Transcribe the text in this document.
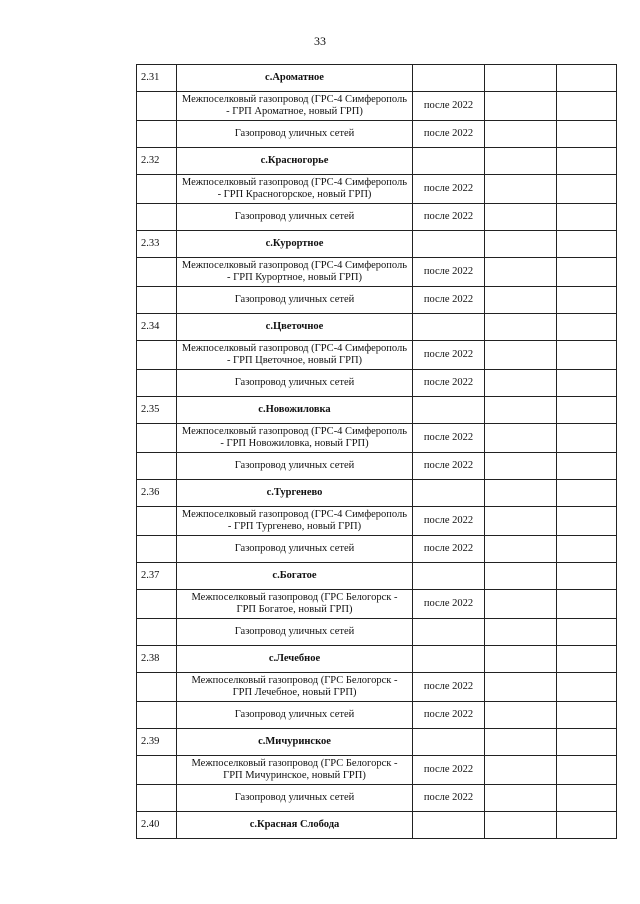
33
2.31	с.Ароматное			
	Межпоселковый газопровод (ГРС-4 Симферополь - ГРП Ароматное, новый ГРП)	после 2022		
	Газопровод уличных сетей	после 2022		
2.32	с.Красногорье			
	Межпоселковый газопровод (ГРС-4 Симферополь - ГРП Красногорское, новый ГРП)	после 2022		
	Газопровод уличных сетей	после 2022		
2.33	с.Курортное			
	Межпоселковый газопровод (ГРС-4 Симферополь - ГРП Курортное, новый ГРП)	после 2022		
	Газопровод уличных сетей	после 2022		
2.34	с.Цветочное			
	Межпоселковый газопровод (ГРС-4 Симферополь - ГРП Цветочное, новый ГРП)	после 2022		
	Газопровод уличных сетей	после 2022		
2.35	с.Новожиловка			
	Межпоселковый газопровод (ГРС-4 Симферополь - ГРП Новожиловка, новый ГРП)	после 2022		
	Газопровод уличных сетей	после 2022		
2.36	с.Тургенево			
	Межпоселковый газопровод (ГРС-4 Симферополь - ГРП Тургенево, новый ГРП)	после 2022		
	Газопровод уличных сетей	после 2022		
2.37	с.Богатое			
	Межпоселковый газопровод (ГРС Белогорск - ГРП Богатое, новый ГРП)	после 2022		
	Газопровод уличных сетей			
2.38	с.Лечебное			
	Межпоселковый газопровод (ГРС Белогорск - ГРП Лечебное, новый ГРП)	после 2022		
	Газопровод уличных сетей	после 2022		
2.39	с.Мичуринское			
	Межпоселковый газопровод (ГРС Белогорск - ГРП Мичуринское, новый ГРП)	после 2022		
	Газопровод уличных сетей	после 2022		
2.40	с.Красная Слобода			
